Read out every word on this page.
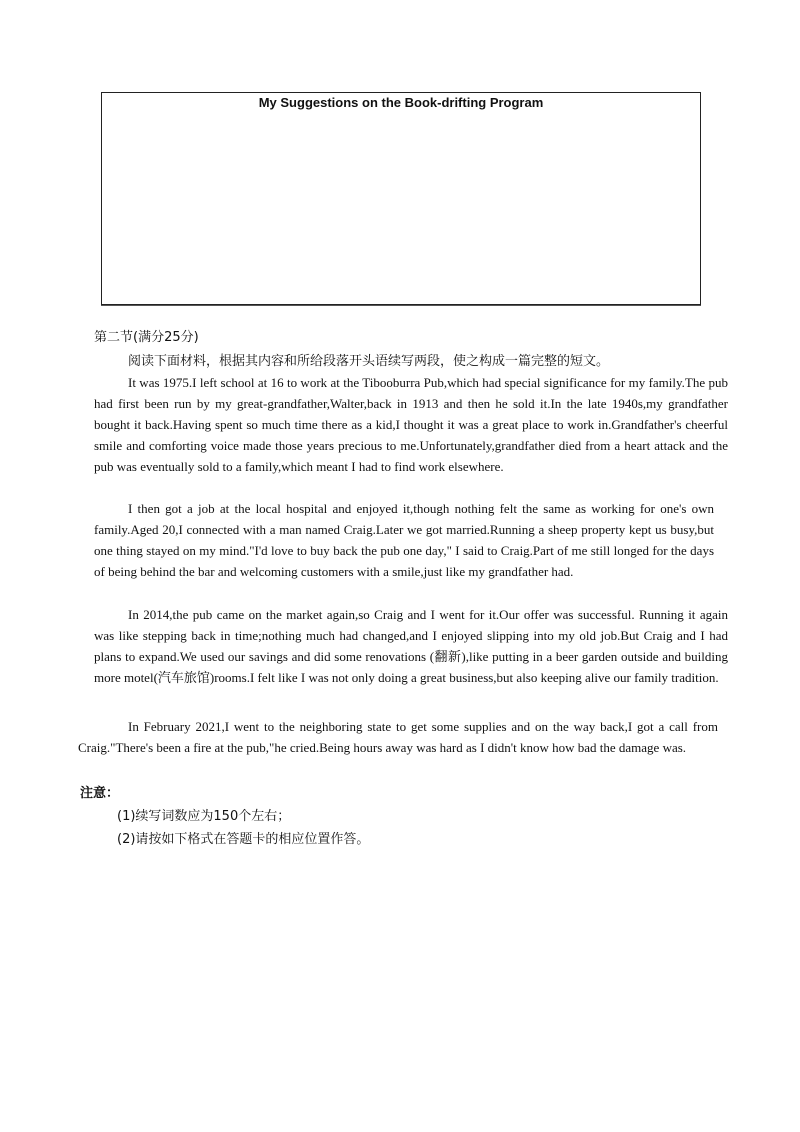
My Suggestions on the Book-drifting Program
第二节(满分25分)
阅读下面材料，根据其内容和所给段落开头语续写两段，使之构成一篇完整的短文。
It was 1975.I left school at 16 to work at the Tibooburra Pub,which had special significance for my family.The pub had first been run by my great-grandfather,Walter,back in 1913 and then he sold it.In the late 1940s,my grandfather bought it back.Having spent so much time there as a kid,I thought it was a great place to work in.Grandfather's cheerful smile and comforting voice made those years precious to me.Unfortunately,grandfather died from a heart attack and the pub was eventually sold to a family,which meant I had to find work elsewhere.
I then got a job at the local hospital and enjoyed it,though nothing felt the same as working for one's own family.Aged 20,I connected with a man named Craig.Later we got married.Running a sheep property kept us busy,but one thing stayed on my mind."I'd love to buy back the pub one day," I said to Craig.Part of me still longed for the days of being behind the bar and welcoming customers with a smile,just like my grandfather had.
In 2014,the pub came on the market again,so Craig and I went for it.Our offer was successful. Running it again was like stepping back in time;nothing much had changed,and I enjoyed slipping into my old job.But Craig and I had plans to expand.We used our savings and did some renovations (翻新),like putting in a beer garden outside and building more motel(汽车旅馆)rooms.I felt like I was not only doing a great business,but also keeping alive our family tradition.
In February 2021,I went to the neighboring state to get some supplies and on the way back,I got a call from Craig."There's been a fire at the pub,"he cried.Being hours away was hard as I didn't know how bad the damage was.
注意：
(1)续写词数应为150个左右；
(2)请按如下格式在答题卡的相应位置作答。
